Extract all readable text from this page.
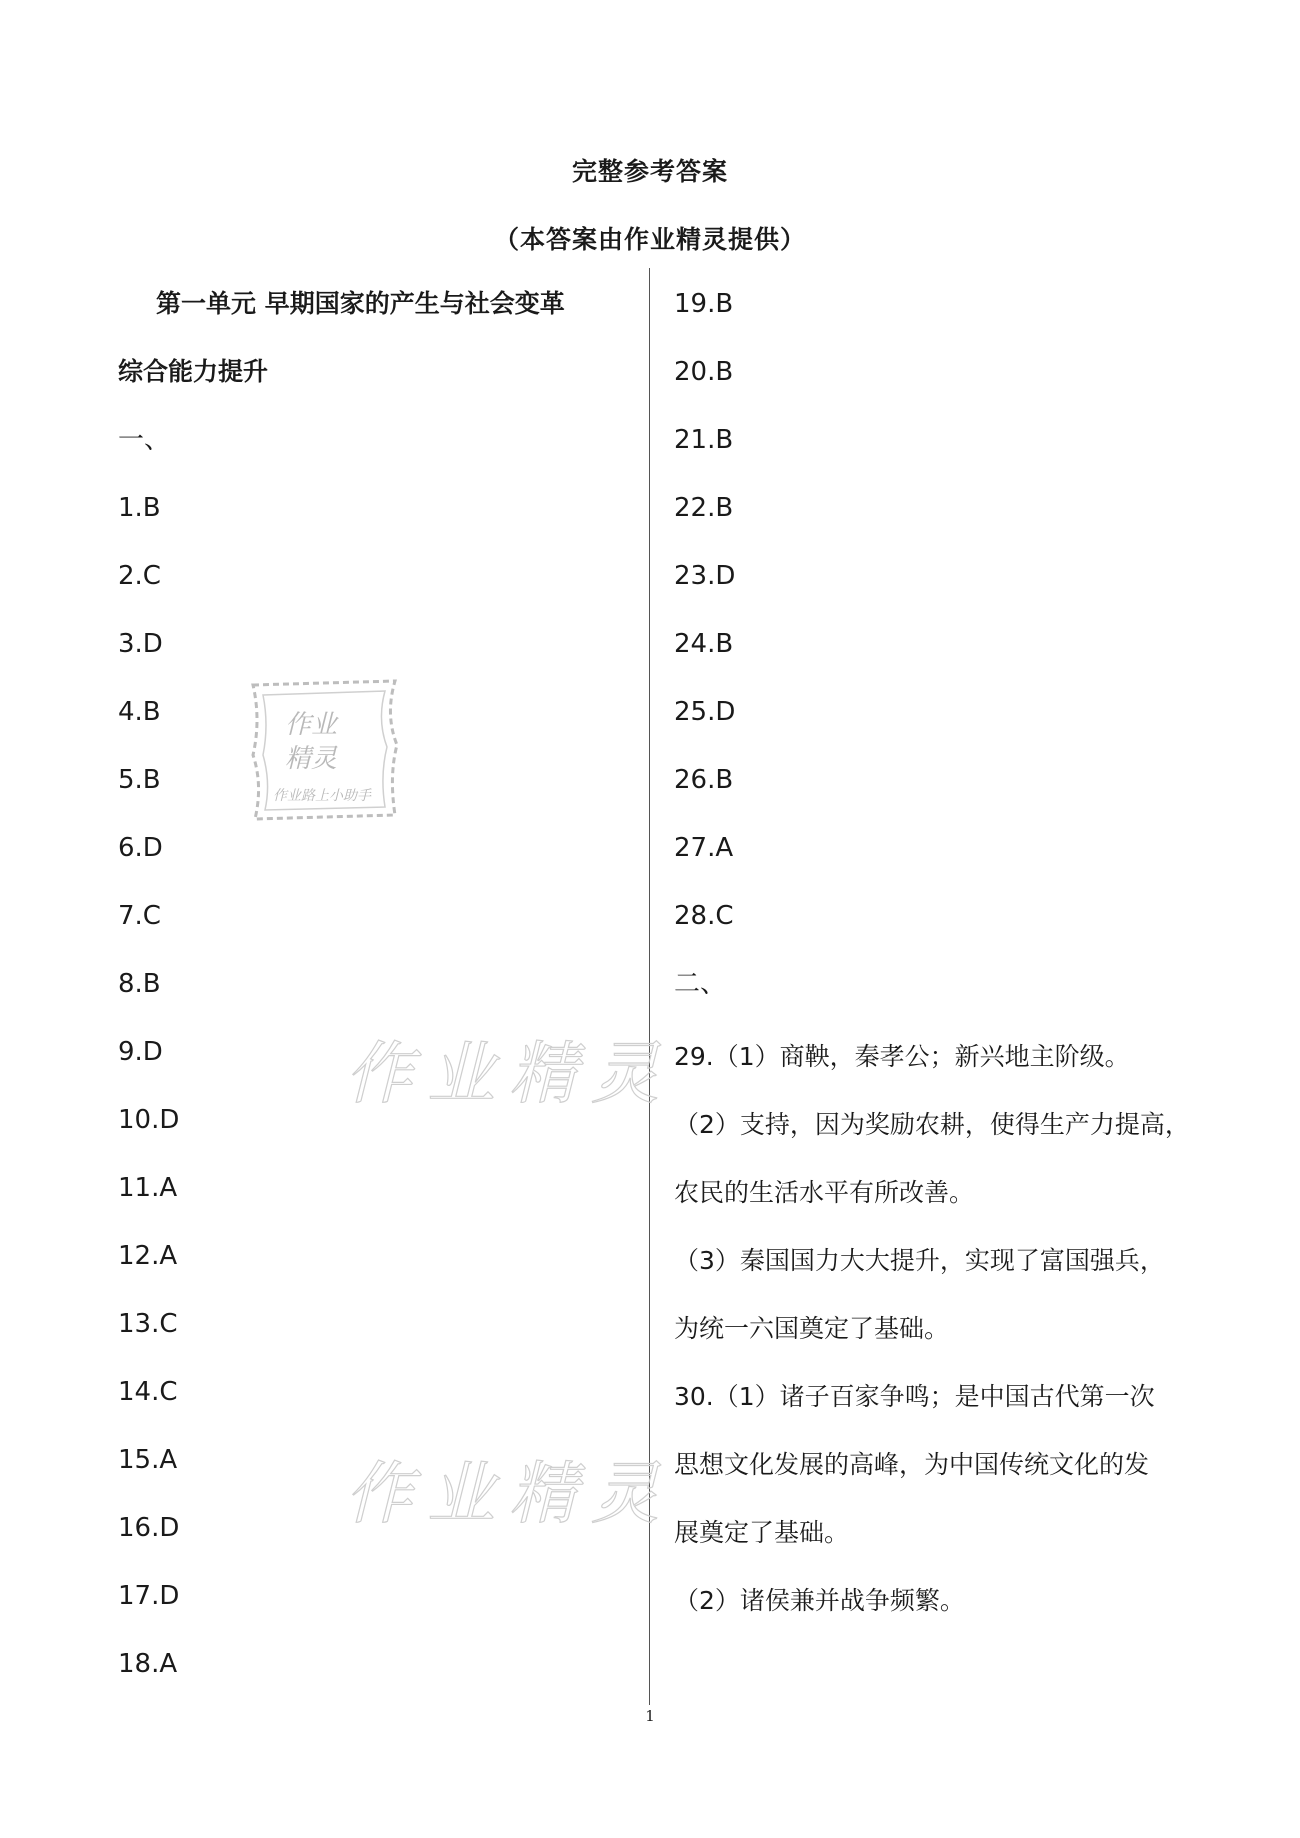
完整参考答案
（本答案由作业精灵提供）
第一单元 早期国家的产生与社会变革
综合能力提升
一、
1.B
2.C
3.D
4.B
5.B
6.D
7.C
8.B
9.D
10.D
11.A
12.A
13.C
14.C
15.A
16.D
17.D
18.A
19.B
20.B
21.B
22.B
23.D
24.B
25.D
26.B
27.A
28.C
二、
29.（1）商鞅，秦孝公；新兴地主阶级。
（2）支持，因为奖励农耕，使得生产力提高，
农民的生活水平有所改善。
（3）秦国国力大大提升，实现了富国强兵，
为统一六国奠定了基础。
30.（1）诸子百家争鸣；是中国古代第一次
思想文化发展的高峰，为中国传统文化的发
展奠定了基础。
（2）诸侯兼并战争频繁。
作业精灵
作业精灵
作业
精灵
作业路上小助手
1
